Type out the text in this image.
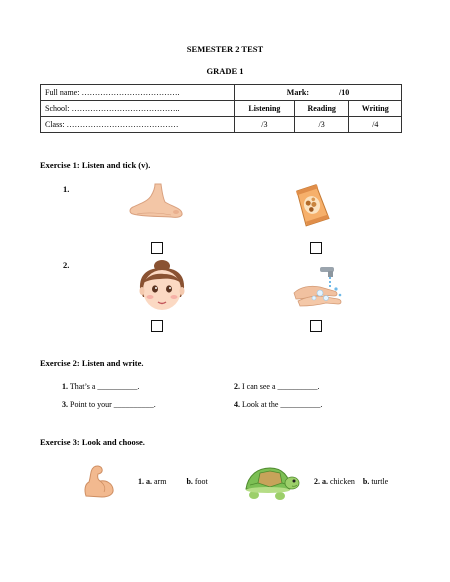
SEMESTER 2 TEST
GRADE 1
Full name: ……………………………….	Mark: /10		
School: …………………………………..	Listening	Reading	Writing
Class: ……………………………………	/3	/3	/4
Exercise 1: Listen and tick (v).
1.
2.
Exercise 2: Listen and write.
1. That’s a __________.	2. I can see a __________.
3. Point to your __________.	4. Look at the __________.
Exercise 3: Look and choose.
1. a. arm	b. foot	2. a. chicken b. turtle
